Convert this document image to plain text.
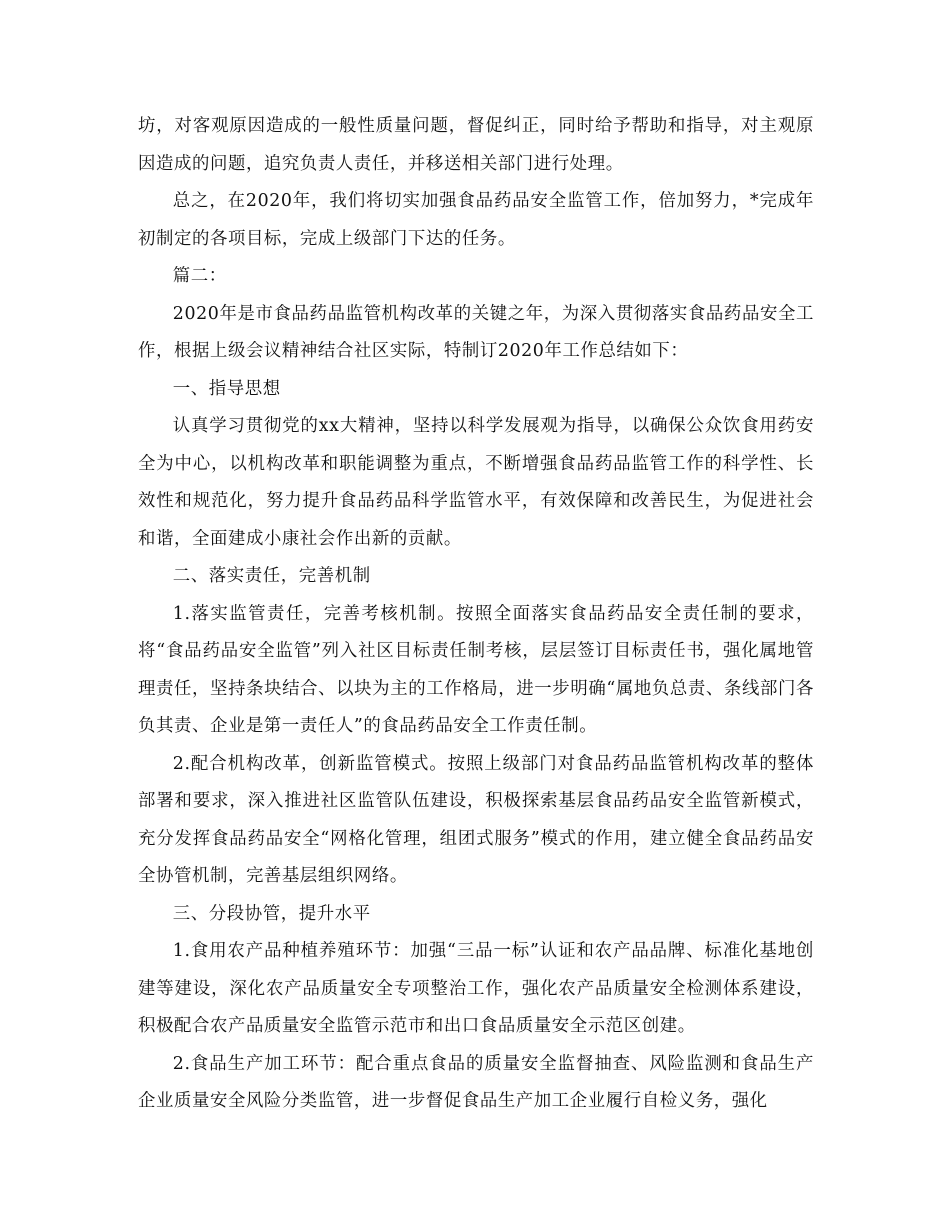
坊，对客观原因造成的一般性质量问题，督促纠正，同时给予帮助和指导，对主观原因造成的问题，追究负责人责任，并移送相关部门进行处理。

总之，在2020年，我们将切实加强食品药品安全监管工作，倍加努力，*完成年初制定的各项目标，完成上级部门下达的任务。

篇二：

2020年是市食品药品监管机构改革的关键之年，为深入贯彻落实食品药品安全工作，根据上级会议精神结合社区实际，特制订2020年工作总结如下：

一、指导思想

认真学习贯彻党的xx大精神，坚持以科学发展观为指导，以确保公众饮食用药安全为中心，以机构改革和职能调整为重点，不断增强食品药品监管工作的科学性、长效性和规范化，努力提升食品药品科学监管水平，有效保障和改善民生，为促进社会和谐，全面建成小康社会作出新的贡献。

二、落实责任，完善机制

1.落实监管责任，完善考核机制。按照全面落实食品药品安全责任制的要求，将“食品药品安全监管”列入社区目标责任制考核，层层签订目标责任书，强化属地管理责任，坚持条块结合、以块为主的工作格局，进一步明确“属地负总责、条线部门各负其责、企业是第一责任人”的食品药品安全工作责任制。

2.配合机构改革，创新监管模式。按照上级部门对食品药品监管机构改革的整体部署和要求，深入推进社区监管队伍建设，积极探索基层食品药品安全监管新模式，充分发挥食品药品安全“网格化管理，组团式服务”模式的作用，建立健全食品药品安全协管机制，完善基层组织网络。

三、分段协管，提升水平

1.食用农产品种植养殖环节：加强“三品一标”认证和农产品品牌、标准化基地创建等建设，深化农产品质量安全专项整治工作，强化农产品质量安全检测体系建设，积极配合农产品质量安全监管示范市和出口食品质量安全示范区创建。

2.食品生产加工环节：配合重点食品的质量安全监督抽查、风险监测和食品生产企业质量安全风险分类监管，进一步督促食品生产加工企业履行自检义务，强化
